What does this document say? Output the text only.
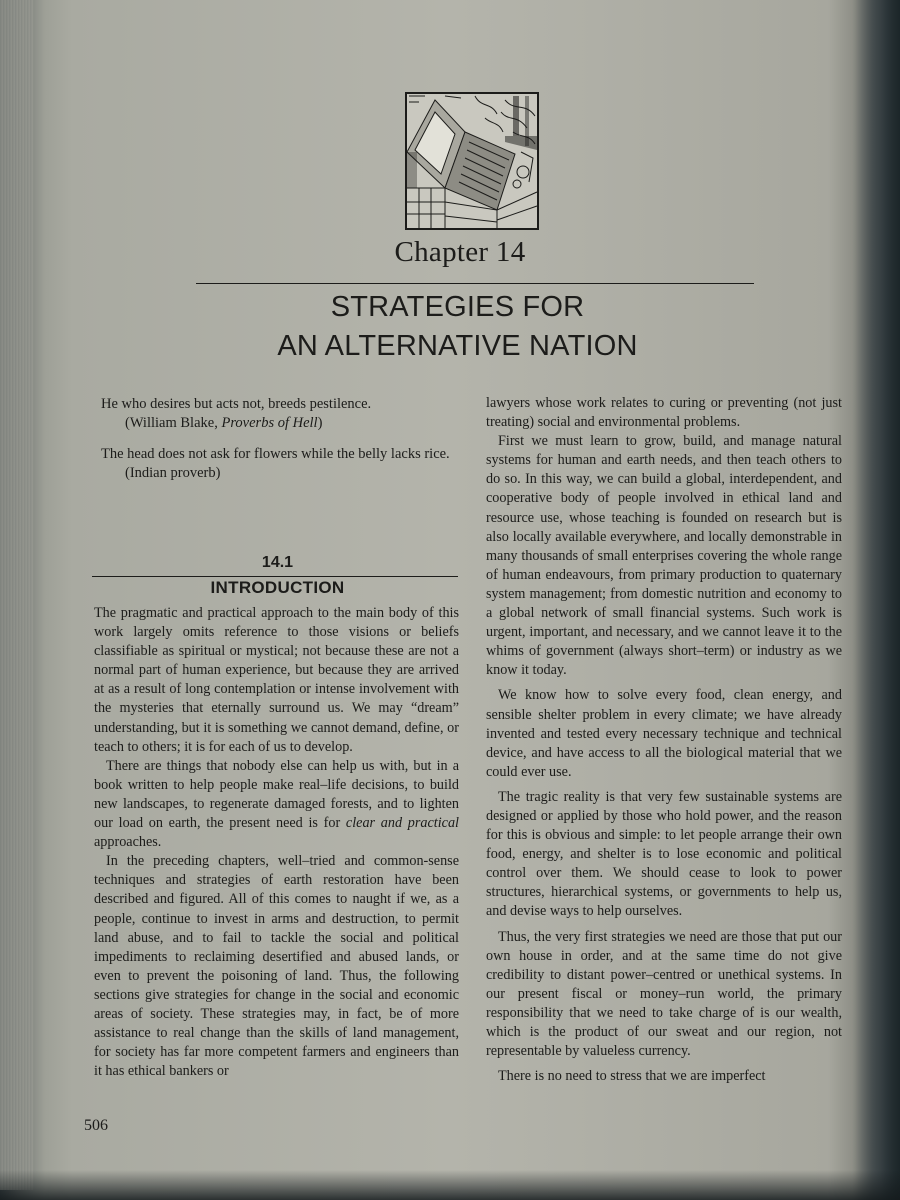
Chapter 14
STRATEGIES FOR
AN ALTERNATIVE NATION
He who desires but acts not, breeds pestilence.
(William Blake, Proverbs of Hell)
The head does not ask for flowers while the belly lacks rice.
(Indian proverb)
14.1
INTRODUCTION

The pragmatic and practical approach to the main body of this work largely omits reference to those visions or beliefs classifiable as spiritual or mystical; not because these are not a normal part of human experience, but because they are arrived at as a result of long contemplation or intense involvement with the mysteries that eternally surround us. We may “dream” understanding, but it is something we cannot demand, define, or teach to others; it is for each of us to develop.

There are things that nobody else can help us with, but in a book written to help people make real–life decisions, to build new landscapes, to regenerate damaged forests, and to lighten our load on earth, the present need is for clear and practical approaches.

In the preceding chapters, well–tried and common-sense techniques and strategies of earth restoration have been described and figured. All of this comes to naught if we, as a people, continue to invest in arms and destruction, to permit land abuse, and to fail to tackle the social and political impediments to reclaiming desertified and abused lands, or even to prevent the poisoning of land. Thus, the following sections give strategies for change in the social and economic areas of society. These strategies may, in fact, be of more assistance to real change than the skills of land management, for society has far more competent farmers and engineers than it has ethical bankers or

lawyers whose work relates to curing or preventing (not just treating) social and environmental problems.

First we must learn to grow, build, and manage natural systems for human and earth needs, and then teach others to do so. In this way, we can build a global, interdependent, and cooperative body of people involved in ethical land and resource use, whose teaching is founded on research but is also locally available everywhere, and locally demonstrable in many thousands of small enterprises covering the whole range of human endeavours, from primary production to quaternary system management; from domestic nutrition and economy to a global network of small financial systems. Such work is urgent, important, and necessary, and we cannot leave it to the whims of government (always short–term) or industry as we know it today.

We know how to solve every food, clean energy, and sensible shelter problem in every climate; we have already invented and tested every necessary technique and technical device, and have access to all the biological material that we could ever use.

The tragic reality is that very few sustainable systems are designed or applied by those who hold power, and the reason for this is obvious and simple: to let people arrange their own food, energy, and shelter is to lose economic and political control over them. We should cease to look to power structures, hierarchical systems, or governments to help us, and devise ways to help ourselves.

Thus, the very first strategies we need are those that put our own house in order, and at the same time do not give credibility to distant power–centred or unethical systems. In our present fiscal or money–run world, the primary responsibility that we need to take charge of is our wealth, which is the product of our sweat and our region, not representable by valueless currency.

There is no need to stress that we are imperfect

506
